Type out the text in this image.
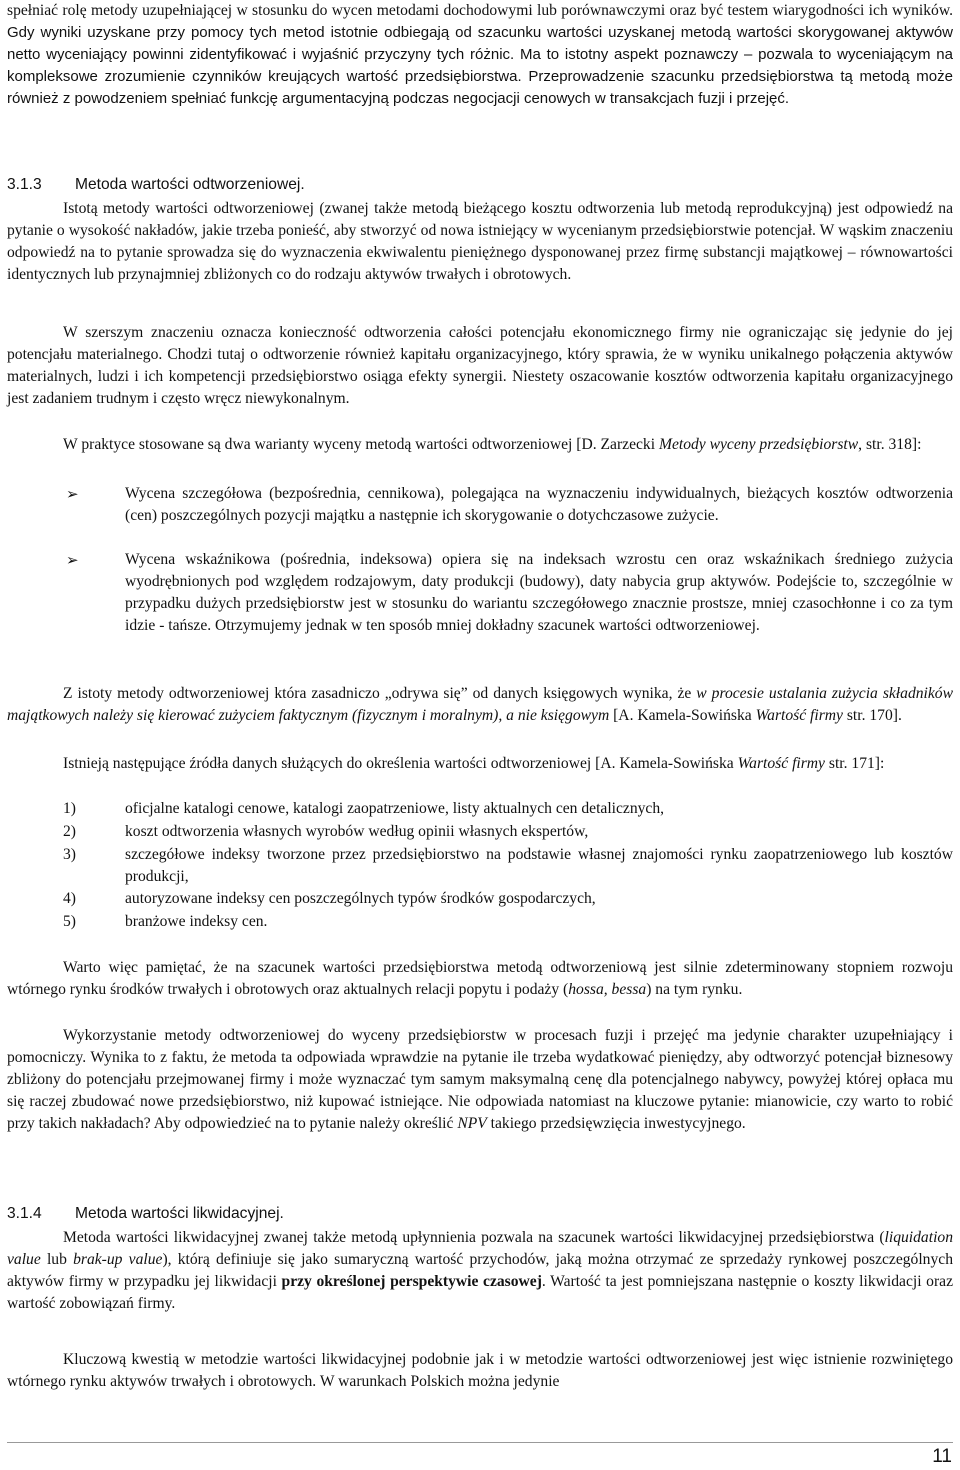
spełniać rolę metody uzupełniającej w stosunku do wycen metodami dochodowymi lub porównawczymi oraz być testem wiarygodności ich wyników. Gdy wyniki uzyskane przy pomocy tych metod istotnie odbiegają od szacunku wartości uzyskanej metodą wartości skorygowanej aktywów netto wyceniający powinni zidentyfikować i wyjaśnić przyczyny tych różnic. Ma to istotny aspekt poznawczy – pozwala to wyceniającym na kompleksowe zrozumienie czynników kreujących wartość przedsiębiorstwa. Przeprowadzenie szacunku przedsiębiorstwa tą metodą może również z powodzeniem spełniać funkcję argumentacyjną podczas negocjacji cenowych w transakcjach fuzji i przejęć.

3.1.3 Metoda wartości odtworzeniowej.

Istotą metody wartości odtworzeniowej (zwanej także metodą bieżącego kosztu odtworzenia lub metodą reprodukcyjną) jest odpowiedź na pytanie o wysokość nakładów, jakie trzeba ponieść, aby stworzyć od nowa istniejący w wycenianym przedsiębiorstwie potencjał. W wąskim znaczeniu odpowiedź na to pytanie sprowadza się do wyznaczenia ekwiwalentu pieniężnego dysponowanej przez firmę substancji majątkowej – równowartości identycznych lub przynajmniej zbliżonych co do rodzaju aktywów trwałych i obrotowych.

W szerszym znaczeniu oznacza konieczność odtworzenia całości potencjału ekonomicznego firmy nie ograniczając się jedynie do jej potencjału materialnego. Chodzi tutaj o odtworzenie również kapitału organizacyjnego, który sprawia, że w wyniku unikalnego połączenia aktywów materialnych, ludzi i ich kompetencji przedsiębiorstwo osiąga efekty synergii. Niestety oszacowanie kosztów odtworzenia kapitału organizacyjnego jest zadaniem trudnym i często wręcz niewykonalnym.

W praktyce stosowane są dwa warianty wyceny metodą wartości odtworzeniowej [D. Zarzecki Metody wyceny przedsiębiorstw, str. 318]:

➢	Wycena szczegółowa (bezpośrednia, cennikowa), polegająca na wyznaczeniu indywidualnych, bieżących kosztów odtworzenia (cen) poszczególnych pozycji majątku a następnie ich skorygowanie o dotychczasowe zużycie.

➢	Wycena wskaźnikowa (pośrednia, indeksowa) opiera się na indeksach wzrostu cen oraz wskaźnikach średniego zużycia wyodrębnionych pod względem rodzajowym, daty produkcji (budowy), daty nabycia grup aktywów. Podejście to, szczególnie w przypadku dużych przedsiębiorstw jest w stosunku do wariantu szczegółowego znacznie prostsze, mniej czasochłonne i co za tym idzie - tańsze. Otrzymujemy jednak w ten sposób mniej dokładny szacunek wartości odtworzeniowej.

Z istoty metody odtworzeniowej która zasadniczo „odrywa się” od danych księgowych wynika, że w procesie ustalania zużycia składników majątkowych należy się kierować zużyciem faktycznym (fizycznym i moralnym), a nie księgowym [A. Kamela-Sowińska Wartość firmy str. 170].

Istnieją następujące źródła danych służących do określenia wartości odtworzeniowej [A. Kamela-Sowińska Wartość firmy str. 171]:

1)	oficjalne katalogi cenowe, katalogi zaopatrzeniowe, listy aktualnych cen detalicznych,

2)	koszt odtworzenia własnych wyrobów według opinii własnych ekspertów,

3)	szczegółowe indeksy tworzone przez przedsiębiorstwo na podstawie własnej znajomości rynku zaopatrzeniowego lub kosztów produkcji,

4)	autoryzowane indeksy cen poszczególnych typów środków gospodarczych,

5)	branżowe indeksy cen.

Warto więc pamiętać, że na szacunek wartości przedsiębiorstwa metodą odtworzeniową jest silnie zdeterminowany stopniem rozwoju wtórnego rynku środków trwałych i obrotowych oraz aktualnych relacji popytu i podaży (hossa, bessa) na tym rynku.

Wykorzystanie metody odtworzeniowej do wyceny przedsiębiorstw w procesach fuzji i przejęć ma jedynie charakter uzupełniający i pomocniczy. Wynika to z faktu, że metoda ta odpowiada wprawdzie na pytanie ile trzeba wydatkować pieniędzy, aby odtworzyć potencjał biznesowy zbliżony do potencjału przejmowanej firmy i może wyznaczać tym samym maksymalną cenę dla potencjalnego nabywcy, powyżej której opłaca mu się raczej zbudować nowe przedsiębiorstwo, niż kupować istniejące. Nie odpowiada natomiast na kluczowe pytanie: mianowicie, czy warto to robić przy takich nakładach? Aby odpowiedzieć na to pytanie należy określić NPV takiego przedsięwzięcia inwestycyjnego.

3.1.4 Metoda wartości likwidacyjnej.

Metoda wartości likwidacyjnej zwanej także metodą upłynnienia pozwala na szacunek wartości likwidacyjnej przedsiębiorstwa (liquidation value lub brak-up value), którą definiuje się jako sumaryczną wartość przychodów, jaką można otrzymać ze sprzedaży rynkowej poszczególnych aktywów firmy w przypadku jej likwidacji przy określonej perspektywie czasowej. Wartość ta jest pomniejszana następnie o koszty likwidacji oraz wartość zobowiązań firmy.

Kluczową kwestią w metodzie wartości likwidacyjnej podobnie jak i w metodzie wartości odtworzeniowej jest więc istnienie rozwiniętego wtórnego rynku aktywów trwałych i obrotowych. W warunkach Polskich można jedynie

11
